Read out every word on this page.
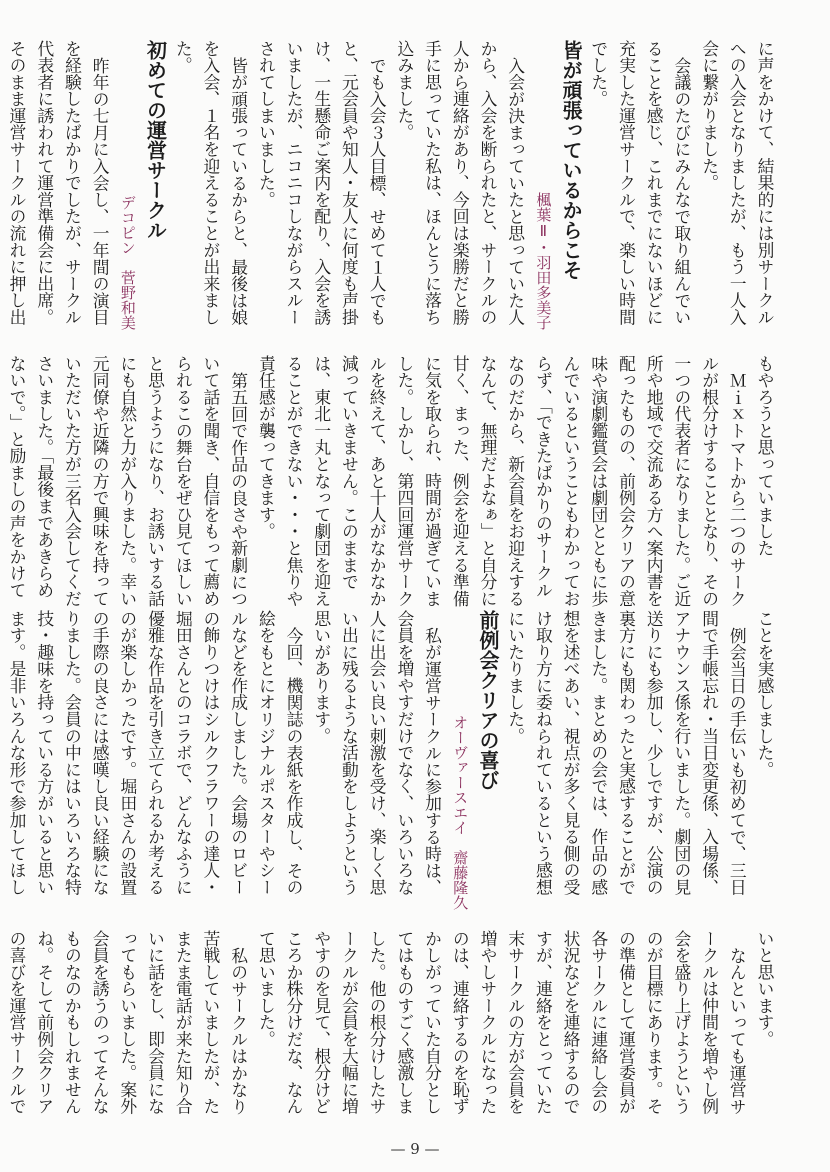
に声をかけて、結果的には別サークルへの入会となりましたが、もう一人入会に繋がりました。

会議のたびにみんなで取り組んでいることを感じ、これまでにないほどに充実した運営サークルで、楽しい時間でした。

皆が頑張っているからこそ
楓葉Ⅱ・羽田多美子

入会が決まっていたと思っていた人から、入会を断られたと、サークルの人から連絡があり、今回は楽勝だと勝手に思っていた私は、ほんとうに落ち込みました。

でも入会３人目標、せめて１人でもと、元会員や知人・友人に何度も声掛け、一生懸命ご案内を配り、入会を誘いましたが、ニコニコしながらスルーされてしまいました。

皆が頑張っているからと、最後は娘を入会、１名を迎えることが出来ました。

初めての運営サークル
デコピン　菅野和美

昨年の七月に入会し、一年間の演目を経験したばかりでしたが、サークル代表者に誘われて運営準備会に出席。そのまま運営サークルの流れに押し出

もやろうと思っていました

Ｍｉｘトマトから二つのサークルが根分けすることとなり、その一つの代表者になりました。ご近所や地域で交流ある方へ案内書を配ったものの、前例会クリアの意味や演劇鑑賞会は劇団とともに歩んでいるということもわかっておらず、「できたばかりのサークルなのだから、新会員をお迎えするなんて、無理だよなぁ」と自分に甘く、まった、例会を迎える準備に気を取られ、時間が過ぎていました。しかし、第四回運営サークルを終えて、あと十人がなかなか減っていきません。このままでは、東北一丸となって劇団を迎えることができない・・・と焦りや責任感が襲ってきます。

第五回で作品の良さや新劇について話を聞き、自信をもって薦められるこの舞台をぜひ見てほしいと思うようになり、お誘いする話にも自然と力が入りました。幸い元同僚や近隣の方で興味を持っていただいた方が三名入会してくださいました。「最後まであきらめないで。」と励ましの声をかけて

ことを実感しました。

例会当日の手伝いも初めてで、三日間で手帳忘れ・当日変更係、入場係、アナウンス係を行いました。劇団の見送りにも参加し、少しですが、公演の裏方にも関わったと実感することができました。まとめの会では、作品の感想を述べあい、視点が多く見る側の受け取り方に委ねられているという感想にいたりました。

前例会クリアの喜び
オーヴァースエイ　齋藤隆久

私が運営サークルに参加する時は、会員を増やすだけでなく、いろいろな人に出会い良い刺激を受け、楽しく思い出に残るような活動をしようという思いがあります。

今回、機関誌の表紙を作成し、その絵をもとにオリジナルポスターやシールなどを作成しました。会場のロビーの飾りつけはシルクフラワーの達人・堀田さんとのコラボで、どんなふうに優雅な作品を引き立てられるか考えるのが楽しかったです。堀田さんの設置の手際の良さには感嘆し良い経験になりました。会員の中にはいろいろな特技・趣味を持っている方がいると思います。是非いろんな形で参加してほし

いと思います。

なんといっても運営サークルは仲間を増やし例会を盛り上げようというのが目標にあります。その準備として運営委員が各サークルに連絡し会の状況などを連絡するのですが、連絡をとっていた末サークルの方が会員を増やしサークルになったのは、連絡するのを恥ずかしがっていた自分としてはものすごく感激しました。他の根分けしたサークルが会員を大幅に増やすのを見て、根分けどころか株分けだな、なんて思いました。

私のサークルはかなり苦戦していましたが、たまたま電話が来た知り合いに話をし、即会員になってもらいました。案外会員を誘うのってそんなものなのかもしれませんね。そして前例会クリアの喜びを運営サークルで

— 9 —
